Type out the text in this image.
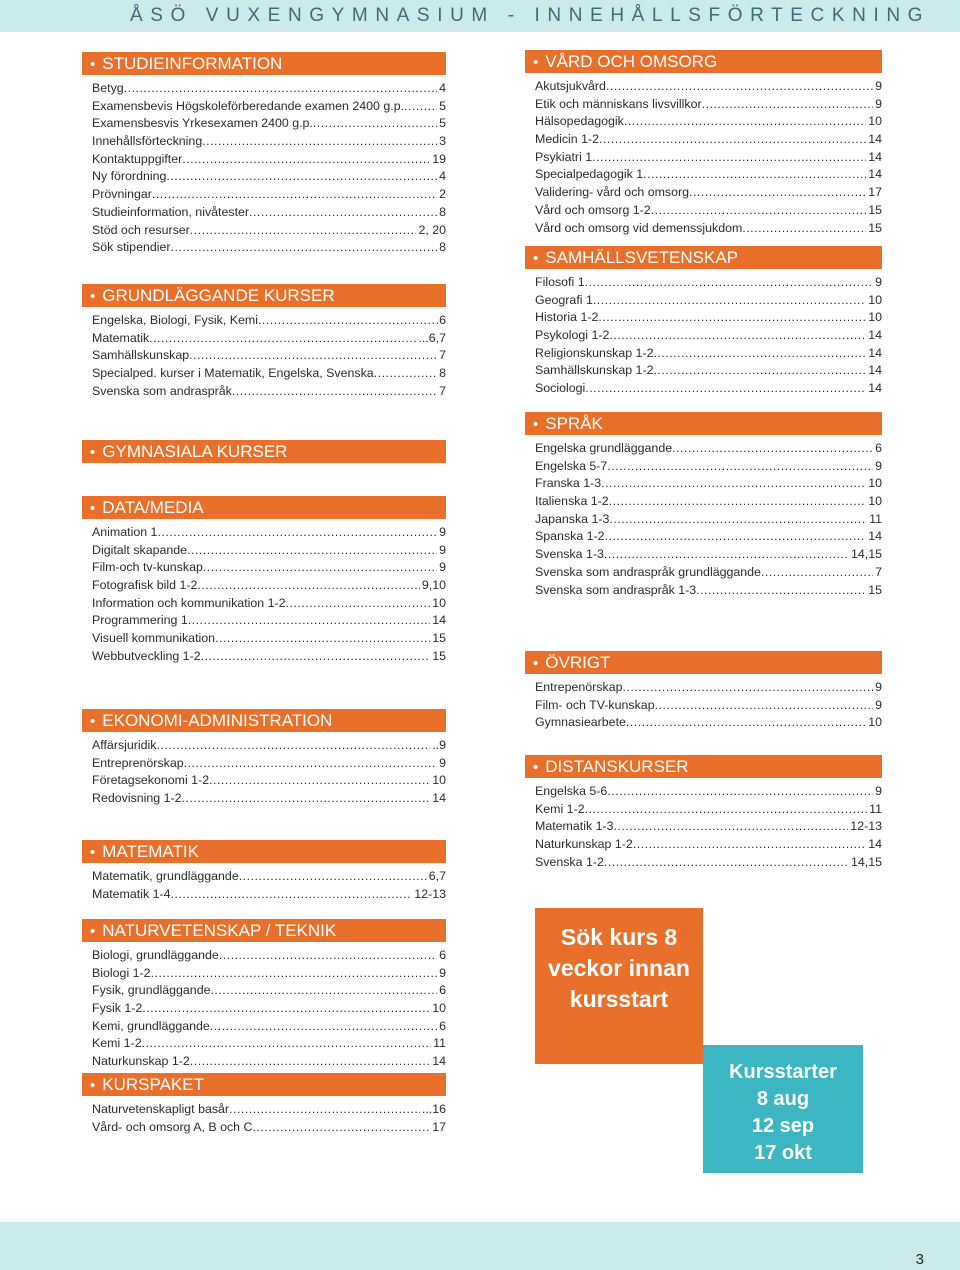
ÅSÖ VUXENGYMNASIUM - INNEHÅLLSFÖRTECKNING
• STUDIEINFORMATION
Betyg .....	4
Examensbevis Högskoleförberedande examen 2400 g.p. .....	5
Examensbesvis Yrkesexamen 2400 g.p. .....	5
Innehållsförteckning .....	3
Kontaktuppgifter .....	19
Ny förordning .....	4
Prövningar .....	2
Studieinformation, nivåtester .....	8
Stöd och resurser .....	2, 20
Sök stipendier .....	8
• GRUNDLÄGGANDE KURSER
Engelska, Biologi, Fysik, Kemi .....	.6
Matematik .....	...6,7
Samhällskunskap .....	7
Specialped. kurser i Matematik, Engelska, Svenska .....	8
Svenska som andraspråk .....	7
• GYMNASIALA KURSER
• DATA/MEDIA
Animation 1 .....	9
Digitalt skapande .....	9
Film-och tv-kunskap .....	9
Fotografisk bild 1-2 .....	9,10
Information och kommunikation 1-2 .....	10
Programmering 1 .....	14
Visuell kommunikation .....	15
Webbutveckling 1-2 .....	15
• EKONOMI-ADMINISTRATION
Affärsjuridik .....	..9
Entreprenörskap .....	9
Företagsekonomi 1-2 .....	10
Redovisning 1-2 .....	14
• MATEMATIK
Matematik, grundläggande .....	6,7
Matematik 1-4 .....	12-13
• NATURVETENSKAP / TEKNIK
Biologi, grundläggande .....	6
Biologi 1-2 .....	9
Fysik, grundläggande .....	6
Fysik 1-2 .....	10
Kemi, grundläggande .....	6
Kemi 1-2 .....	11
Naturkunskap 1-2 .....	14
• KURSPAKET
Naturvetenskapligt basår .....	...16
Vård- och omsorg A, B och C .....	17
• VÅRD OCH OMSORG
Akutsjukvård .....	9
Etik och människans livsvillkor .....	9
Hälsopedagogik .....	10
Medicin 1-2 .....	14
Psykiatri 1 .....	14
Specialpedagogik 1 .....	14
Validering- vård och omsorg .....	17
Vård och omsorg 1-2 .....	15
Vård och omsorg vid demenssjukdom .....	15
• SAMHÄLLSVETENSKAP
Filosofi 1 .....	9
Geografi 1 .....	10
Historia 1-2 .....	10
Psykologi 1-2 .....	14
Religionskunskap 1-2 .....	14
Samhällskunskap 1-2 .....	14
Sociologi .....	14
• SPRÅK
Engelska grundläggande .....	6
Engelska 5-7 .....	9
Franska 1-3 .....	10
Italienska 1-2 .....	10
Japanska 1-3 .....	11
Spanska 1-2 .....	14
Svenska 1-3 .....	14,15
Svenska som andraspråk grundläggande .....	7
Svenska som andraspråk 1-3 .....	15
• ÖVRIGT
Entrepenörskap .....	9
Film- och TV-kunskap .....	9
Gymnasiearbete .....	10
• DISTANSKURSER
Engelska 5-6 .....	9
Kemi 1-2 .....	11
Matematik 1-3 .....	12-13
Naturkunskap 1-2 .....	14
Svenska 1-2 .....	14,15
Sök kurs 8
veckor innan
kursstart
Kursstarter
8 aug
12 sep
17 okt
3
